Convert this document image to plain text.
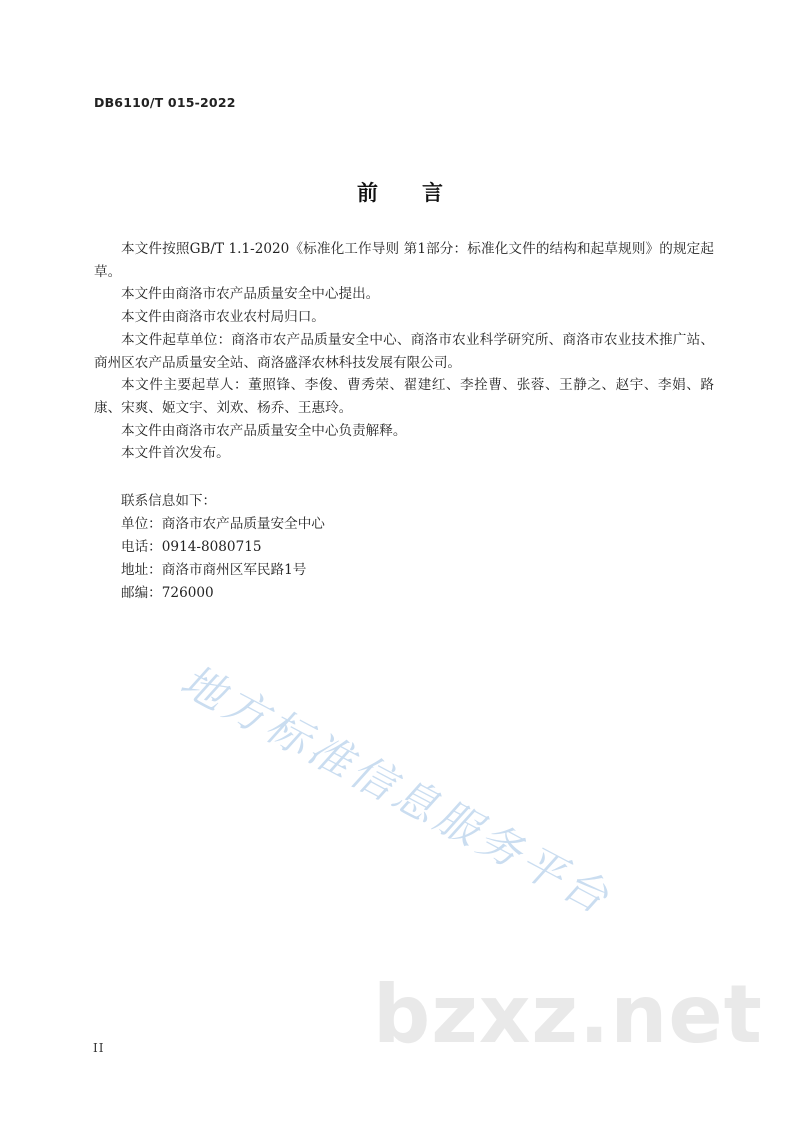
DB6110/T 015-2022
前言

本文件按照GB/T 1.1-2020《标准化工作导则 第1部分：标准化文件的结构和起草规则》的规定起草。

本文件由商洛市农产品质量安全中心提出。

本文件由商洛市农业农村局归口。

本文件起草单位：商洛市农产品质量安全中心、商洛市农业科学研究所、商洛市农业技术推广站、商州区农产品质量安全站、商洛盛泽农林科技发展有限公司。

本文件主要起草人：董照锋、李俊、曹秀荣、翟建红、李拴曹、张蓉、王静之、赵宇、李娟、路康、宋爽、姬文宇、刘欢、杨乔、王惠玲。

本文件由商洛市农产品质量安全中心负责解释。

本文件首次发布。

联系信息如下：
单位：商洛市农产品质量安全中心
电话：0914-8080715
地址：商洛市商州区军民路1号
邮编：726000
地方标准信息服务平台
bzxz.net
II
